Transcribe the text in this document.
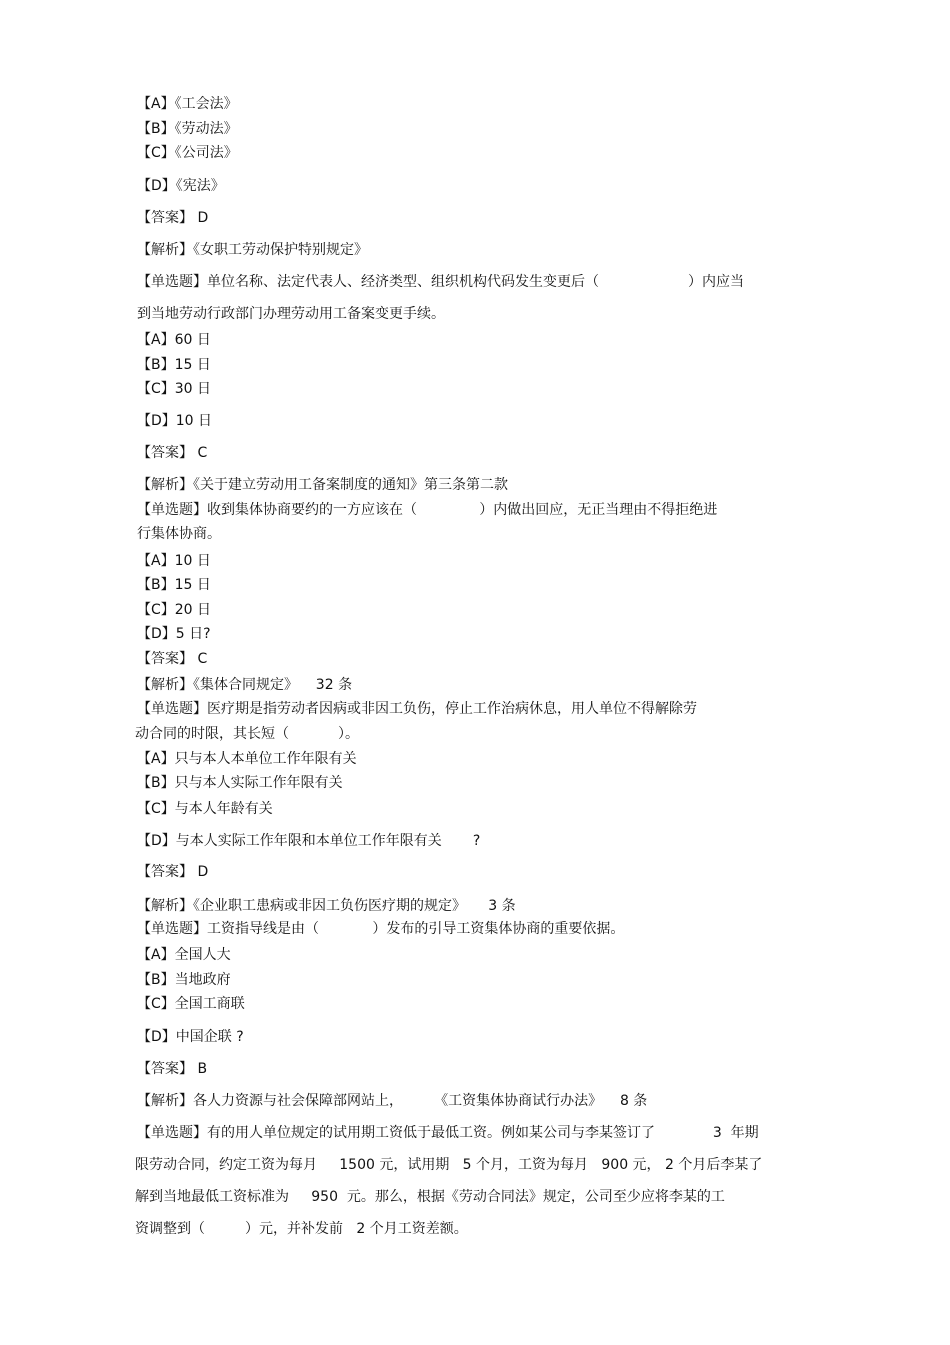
【A】《工会法》
【B】《劳动法》
【C】《公司法》
【D】《宪法》
【答案】 D
【解析】《女职工劳动保护特别规定》
【单选题】单位名称、法定代表人、经济类型、组织机构代码发生变更后（                    ）内应当
到当地劳动行政部门办理劳动用工备案变更手续。
【A】60 日
【B】15 日
【C】30 日
【D】10 日
【答案】 C
【解析】《关于建立劳动用工备案制度的通知》第三条第二款
【单选题】收到集体协商要约的一方应该在（              ）内做出回应，无正当理由不得拒绝进
行集体协商。
【A】10 日
【B】15 日
【C】20 日
【D】5 日?
【答案】 C
【解析】《集体合同规定》    32 条
【单选题】医疗期是指劳动者因病或非因工负伤，停止工作治病休息，用人单位不得解除劳
动合同的时限，其长短（           ）。
【A】只与本人本单位工作年限有关
【B】只与本人实际工作年限有关
【C】与本人年龄有关
【D】与本人实际工作年限和本单位工作年限有关       ?
【答案】 D
【解析】《企业职工患病或非因工负伤医疗期的规定》     3 条
【单选题】工资指导线是由（            ）发布的引导工资集体协商的重要依据。
【A】全国人大
【B】当地政府
【C】全国工商联
【D】中国企联 ?
【答案】 B
【解析】各人力资源与社会保障部网站上，       《工资集体协商试行办法》    8 条
【单选题】有的用人单位规定的试用期工资低于最低工资。例如某公司与李某签订了             3  年期
限劳动合同，约定工资为每月     1500 元，试用期   5 个月，工资为每月   900 元， 2 个月后李某了
解到当地最低工资标准为     950  元。那么，根据《劳动合同法》规定，公司至少应将李某的工
资调整到（         ）元，并补发前   2 个月工资差额。
